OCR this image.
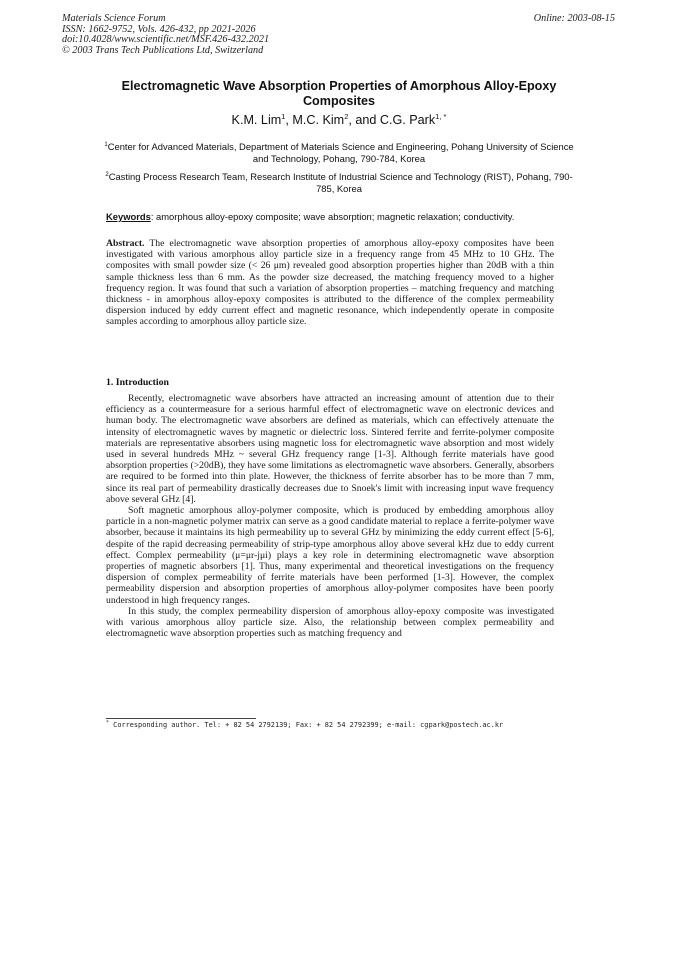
Materials Science Forum
ISSN: 1662-9752, Vols. 426-432, pp 2021-2026
doi:10.4028/www.scientific.net/MSF.426-432.2021
© 2003 Trans Tech Publications Ltd, Switzerland
Online: 2003-08-15
Electromagnetic Wave Absorption Properties of Amorphous Alloy-Epoxy Composites
K.M. Lim$^1$, M.C. Kim$^2$, and C.G. Park$^{1, *}$
$^1$Center for Advanced Materials, Department of Materials Science and Engineering, Pohang University of Science and Technology, Pohang, 790-784, Korea
$^2$Casting Process Research Team, Research Institute of Industrial Science and Technology (RIST), Pohang, 790-785, Korea
Keywords: amorphous alloy-epoxy composite; wave absorption; magnetic relaxation; conductivity.

Abstract. The electromagnetic wave absorption properties of amorphous alloy-epoxy composites have been investigated with various amorphous alloy particle size in a frequency range from 45 MHz to 10 GHz. The composites with small powder size (< 26 μm) revealed good absorption properties higher than 20dB with a thin sample thickness less than 6 mm. As the powder size decreased, the matching frequency moved to a higher frequency region. It was found that such a variation of absorption properties – matching frequency and matching thickness - in amorphous alloy-epoxy composites is attributed to the difference of the complex permeability dispersion induced by eddy current effect and magnetic resonance, which independently operate in composite samples according to amorphous alloy particle size.

1. Introduction

Recently, electromagnetic wave absorbers have attracted an increasing amount of attention due to their efficiency as a countermeasure for a serious harmful effect of electromagnetic wave on electronic devices and human body. The electromagnetic wave absorbers are defined as materials, which can effectively attenuate the intensity of electromagnetic waves by magnetic or dielectric loss. Sintered ferrite and ferrite-polymer composite materials are representative absorbers using magnetic loss for electromagnetic wave absorption and most widely used in several hundreds MHz ~ several GHz frequency range [1-3]. Although ferrite materials have good absorption properties (>20dB), they have some limitations as electromagnetic wave absorbers. Generally, absorbers are required to be formed into thin plate. However, the thickness of ferrite absorber has to be more than 7 mm, since its real part of permeability drastically decreases due to Snoek's limit with increasing input wave frequency above several GHz [4].

Soft magnetic amorphous alloy-polymer composite, which is produced by embedding amorphous alloy particle in a non-magnetic polymer matrix can serve as a good candidate material to replace a ferrite-polymer wave absorber, because it maintains its high permeability up to several GHz by minimizing the eddy current effect [5-6], despite of the rapid decreasing permeability of strip-type amorphous alloy above several kHz due to eddy current effect. Complex permeability (μ=μr-jμi) plays a key role in determining electromagnetic wave absorption properties of magnetic absorbers [1]. Thus, many experimental and theoretical investigations on the frequency dispersion of complex permeability of ferrite materials have been performed [1-3]. However, the complex permeability dispersion and absorption properties of amorphous alloy-polymer composites have been poorly understood in high frequency ranges.

In this study, the complex permeability dispersion of amorphous alloy-epoxy composite was investigated with various amorphous alloy particle size. Also, the relationship between complex permeability and electromagnetic wave absorption properties such as matching frequency and

* Corresponding author. Tel: + 82 54 2792139; Fax: + 82 54 2792399; e-mail: cgpark@postech.ac.kr
